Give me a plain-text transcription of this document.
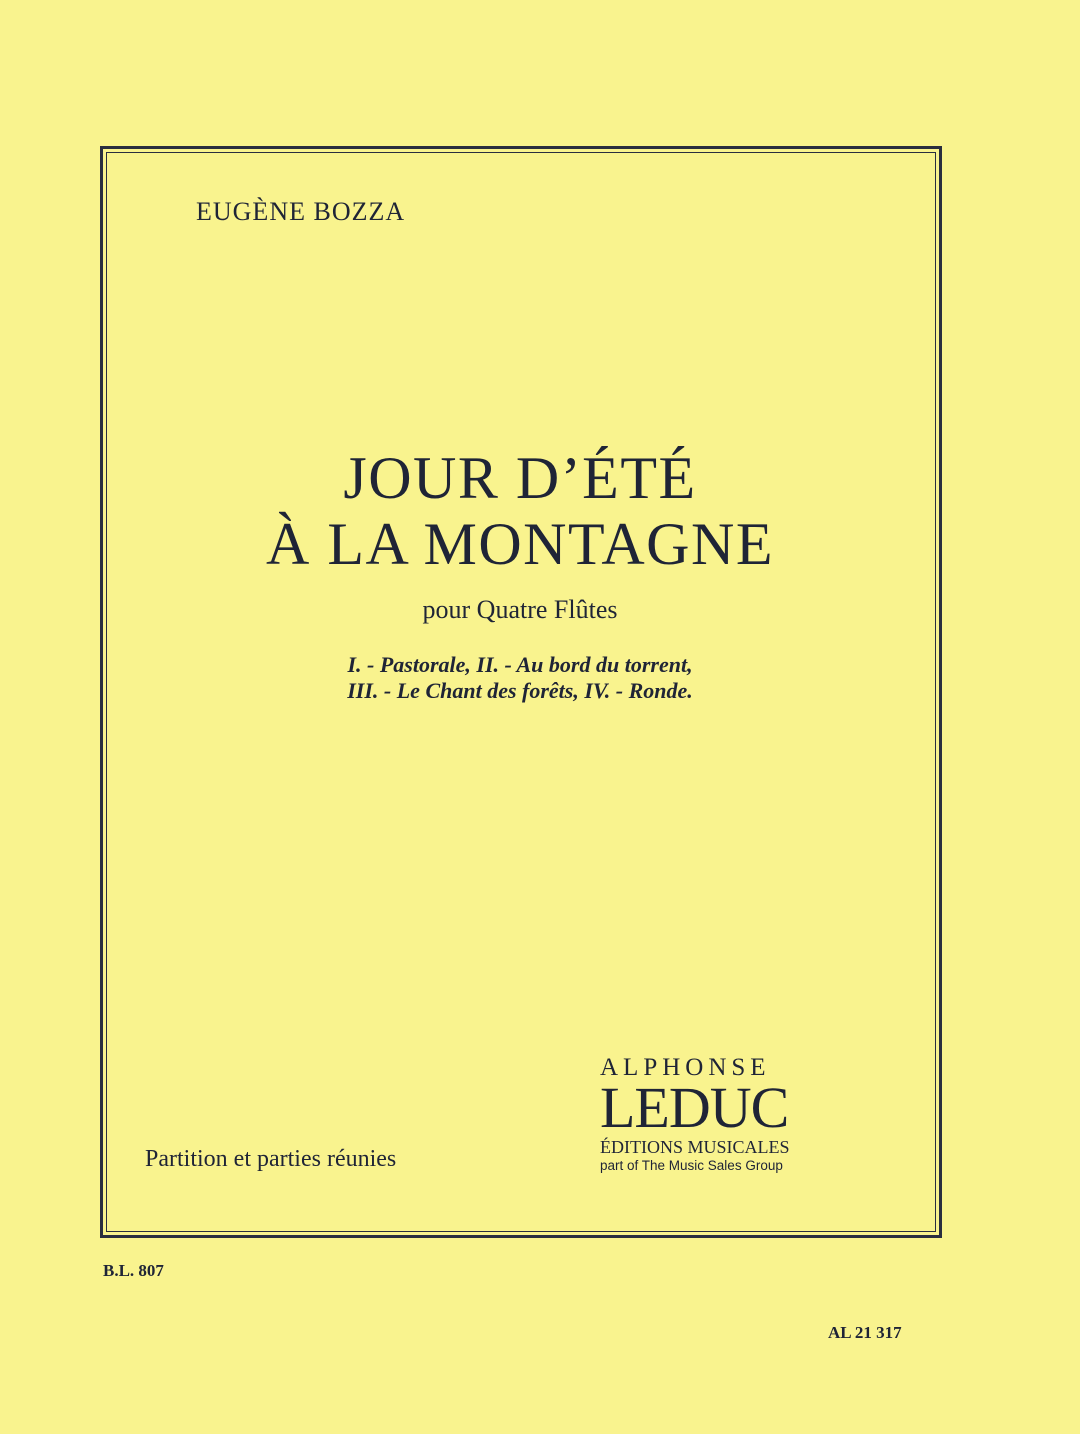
EUGÈNE BOZZA
JOUR D’ÉTÉ
À LA MONTAGNE
pour Quatre Flûtes
I. - Pastorale, II. - Au bord du torrent,
III. - Le Chant des forêts, IV. - Ronde.
Partition et parties réunies
ALPHONSE
LEDUC
ÉDITIONS MUSICALES
part of The Music Sales Group
B.L. 807
AL 21 317
